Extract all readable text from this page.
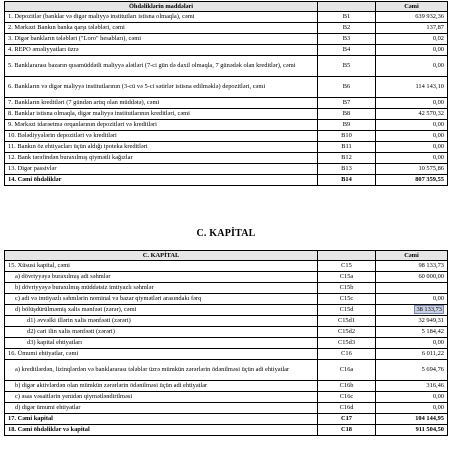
Öhdəliklərin maddələri		Cəmi
1. Depozitlər (banklar və digər maliyyə institutları istisna olmaqla), cəmi	B1	639 932,36
2. Mərkəzi Bankın banka qarşı tələbləri, cəmi	B2	137,87
3. Digər bankların tələbləri ("Loro" hesabları), cəmi	B3	0,02
4. REPO əməliyyatları üzrə	B4	0,00
5. Banklararası bazarın qısamüddətli maliyyə alətləri (7-ci gün də daxil olmaqla, 7 günədək olan kreditlər), cəmi	B5	0,00
6. Bankların və digər maliyyə institutlarının (3-cü və 5-ci sətirlər istisna edilməklə) depozitləri, cəmi	B6	114 143,10
7. Bankların kreditləri (7 gündən artıq olan müddətə), cəmi	B7	0,00
8. Banklar istisna olmaqla, digər maliyyə institutlarının kreditləri, cəmi	B8	42 570,32
9. Mərkəzi idarəetmə orqanlarının depozitləri və kreditləri	B9	0,00
10. Bələdiyyələrin depozitləri və kreditləri	B10	0,00
11. Bankın öz ehtiyacları üçün aldığı ipoteka kreditləri	B11	0,00
12. Bank tərəfindən buraxılmış qiymətli kağızlar	B12	0,00
13. Digər passivlər	B13	10 575,86
14. Cəmi öhdəliklər	B14	807 359,55
C. KAPİTAL
C. KAPİTAL		Cəmi
15. Xüsusi kapital, cəmi	C15	98 133,73
a) dövriyyəyə buraxılmış adi səhmlər	C15a	60 000,00
b) dövriyyəyə buraxılmış müddətsiz imtiyazlı səhmlər	C15b	
c) adi və imtiyazlı səhmlərin nominal və bazar qiymətləri arasındakı fərq	C15c	0,00
d) bölüşdürülməmiş xalis mənfəət (zərər), cəmi	C15d	38 133,73
d1) əvvəlki illərin xalis mənfəəti (zərəri)	C15d1	32 949,31
d2) cari ilin xalis mənfəəti (zərəri)	C15d2	5 184,42
d3) kapital ehtiyatları	C15d3	0,00
16. Ümumi ehtiyatlar, cəmi	C16	6 011,22
a) kreditlərdən, lizinqlərdən və banklararası tələblər üzrə mümkün zərərlərin ödənilməsi üçün adi ehtiyatlar	C16a	5 694,76
b) digər aktivlərdən olan mümkün zərərlərin ödənilməsi üçün adi ehtiyatlar	C16b	316,46
c) əsas vəsaitlərin yenidən qiymətləndirilməsi	C16c	0,00
d) digər ümumi ehtiyatlar	C16d	0,00
17. Cəmi kapital	C17	104 144,95
18. Cəmi öhdəliklər və kapital	C18	911 504,50
